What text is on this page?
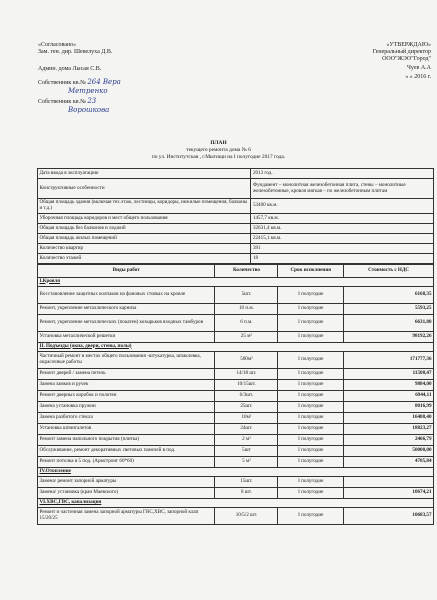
«Согласовано»
Зам. ген. дир. Шевелуха Д.В.
Админ. дома Лысая С.В.
Собственник кв.№ 264 Вера
Метренко
Собственник кв.№ 23
Ворошкова
«УТВЕРЖДАЮ»
Генеральный директор
ООО"ЖЭО"Город"
Чуев А.А
« » 2016 г.
ПЛАН
текущего ремонта дома № 6
по ул. Институтская , г.Мытищи на I полугодие 2017 года.
Дата ввода в эксплуатацию	2013 год.
Конструктивные особенности	Фундамент – монолитная железобетонная плита, стены – монолитные железобетонные, кровля мягкая – по железобетонным плитам
Общая площадь здания (включая тех.этаж, лестницы, коридоры, нежилые помещения, балконы и т.д.)	53400 кв.м.
Уборочная площадь коридоров и мест общего пользования	1457,7 кв.м.
Общая площадь без балконов и лоджий	32631,4 кв.м.
Общая площадь жилых помещений	22415,1 кв.м.
Количество квартир	391
Количество этажей	18
Виды работ	Количество	Срок исполнения	Стоимость с НДС
I.Кровля			
Восстановление защитных колпаков на фановых стояках на кровле	5шт.	I полугодие	6168,35
Ремонт, укрепление металлического карниза	10 п.м.	I полугодие	5593,25
Ремонт, укрепление металлических (покатен) козырьков входных тамбуров	6 п.м.	I полугодие	6631,80
Установка металлической решетки	25 м²	I полугодие	98192,26
II. Подъезды (окна, двери, стены, полы)			
Частичный ремонт в местах общего пользования -штукатурка, шпаклевка, окрасочные работы	500м²	I полугодие	171777,36
Ремонт дверей / замена петель	14/18 шт.	I полугодие	11508,47
Замена замков и ручек	10/15шт.	I полугодие	9884,00
Ремонт дверных коробок и полотен	6/3шт.	I полугодие	6944,11
Замена установка пружин	25шт.	I полугодие	8016,99
Замена разбитого стекла	10м²	I полугодие	16408,40
Установка шпингалетов	24шт.	I полугодие	18823,27
Ремонт замена напольного покрытия (плитка)	2 м²	I полугодие	2466,79
Обслуживание, ремонт декоративных световых панелей в под.	5шт	I полугодие	50000,00
Ремонт потолка в 5 под. (Армстронг 60*60)	5 м²	I полугодие	4785,84
IV.Отопление			
Замена/ ремонт запорной арматуры	15шт.	I полугодие	
Замена/ установка (кран Маевского)	8 шт.	I полугодие	10674,21
VI.ХВС,ГВС, канализация			
Ремонт и частичная замена запорной арматуры ГВС,ХВС, запорной клап 15/20/25	10/5/2 шт.	I полугодие	10683,57
